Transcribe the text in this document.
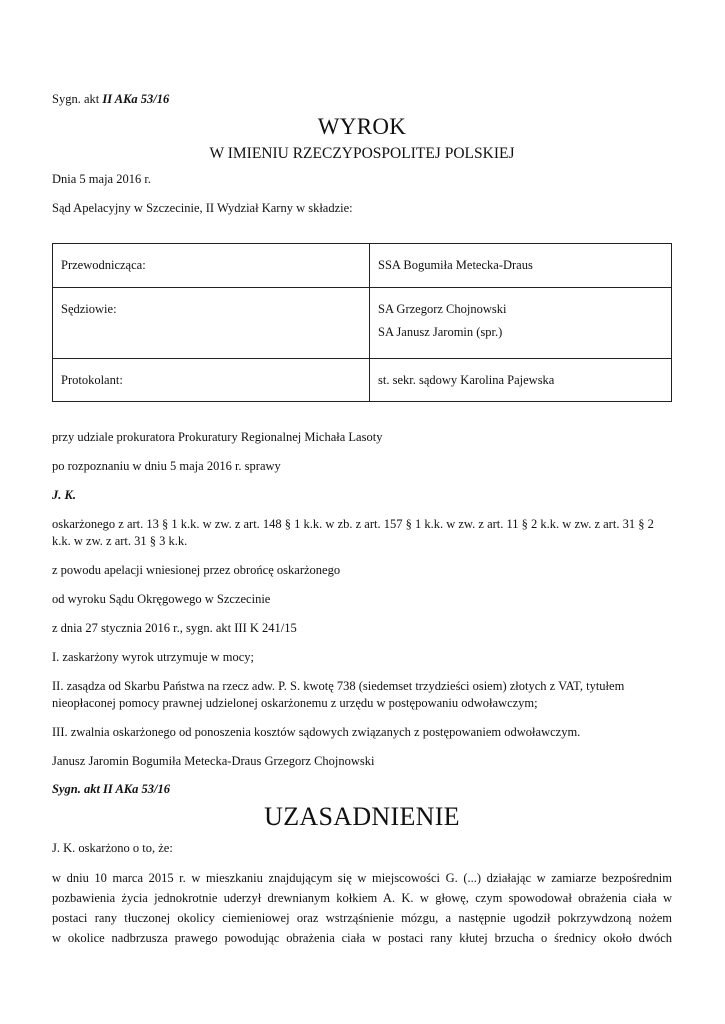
Sygn. akt II AKa 53/16
WYROK
W IMIENIU RZECZYPOSPOLITEJ POLSKIEJ
Dnia 5 maja 2016 r.
Sąd Apelacyjny w Szczecinie, II Wydział Karny w składzie:
Przewodnicząca:	SSA Bogumiła Metecka-Draus

Sędziowie:	SA Grzegorz Chojnowski
SA Janusz Jaromin (spr.)

Protokolant:	st. sekr. sądowy Karolina Pajewska
przy udziale prokuratora Prokuratury Regionalnej Michała Lasoty
po rozpoznaniu w dniu 5 maja 2016 r. sprawy
J. K.
oskarżonego z art. 13 § 1 k.k. w zw. z art. 148 § 1 k.k. w zb. z art. 157 § 1 k.k. w zw. z art. 11 § 2 k.k. w zw. z art. 31 § 2 k.k. w zw. z art. 31 § 3 k.k.
z powodu apelacji wniesionej przez obrońcę oskarżonego
od wyroku Sądu Okręgowego w Szczecinie
z dnia 27 stycznia 2016 r., sygn. akt III K 241/15
I. zaskarżony wyrok utrzymuje w mocy;
II. zasądza od Skarbu Państwa na rzecz adw. P. S. kwotę 738 (siedemset trzydzieści osiem) złotych z VAT, tytułem nieopłaconej pomocy prawnej udzielonej oskarżonemu z urzędu w postępowaniu odwoławczym;
III. zwalnia oskarżonego od ponoszenia kosztów sądowych związanych z postępowaniem odwoławczym.
Janusz Jaromin Bogumiła Metecka-Draus Grzegorz Chojnowski
Sygn. akt II AKa 53/16
UZASADNIENIE
J. K. oskarżono o to, że:
w dniu 10 marca 2015 r. w mieszkaniu znajdującym się w miejscowości G. (...) działając w zamiarze bezpośrednim
pozbawienia życia jednokrotnie uderzył drewnianym kołkiem A. K. w głowę, czym spowodował obrażenia ciała w
postaci rany tłuczonej okolicy ciemieniowej oraz wstrząśnienie mózgu, a następnie ugodził pokrzywdzoną nożem
w okolice nadbrzusza prawego powodując obrażenia ciała w postaci rany kłutej brzucha o średnicy około dwóch
